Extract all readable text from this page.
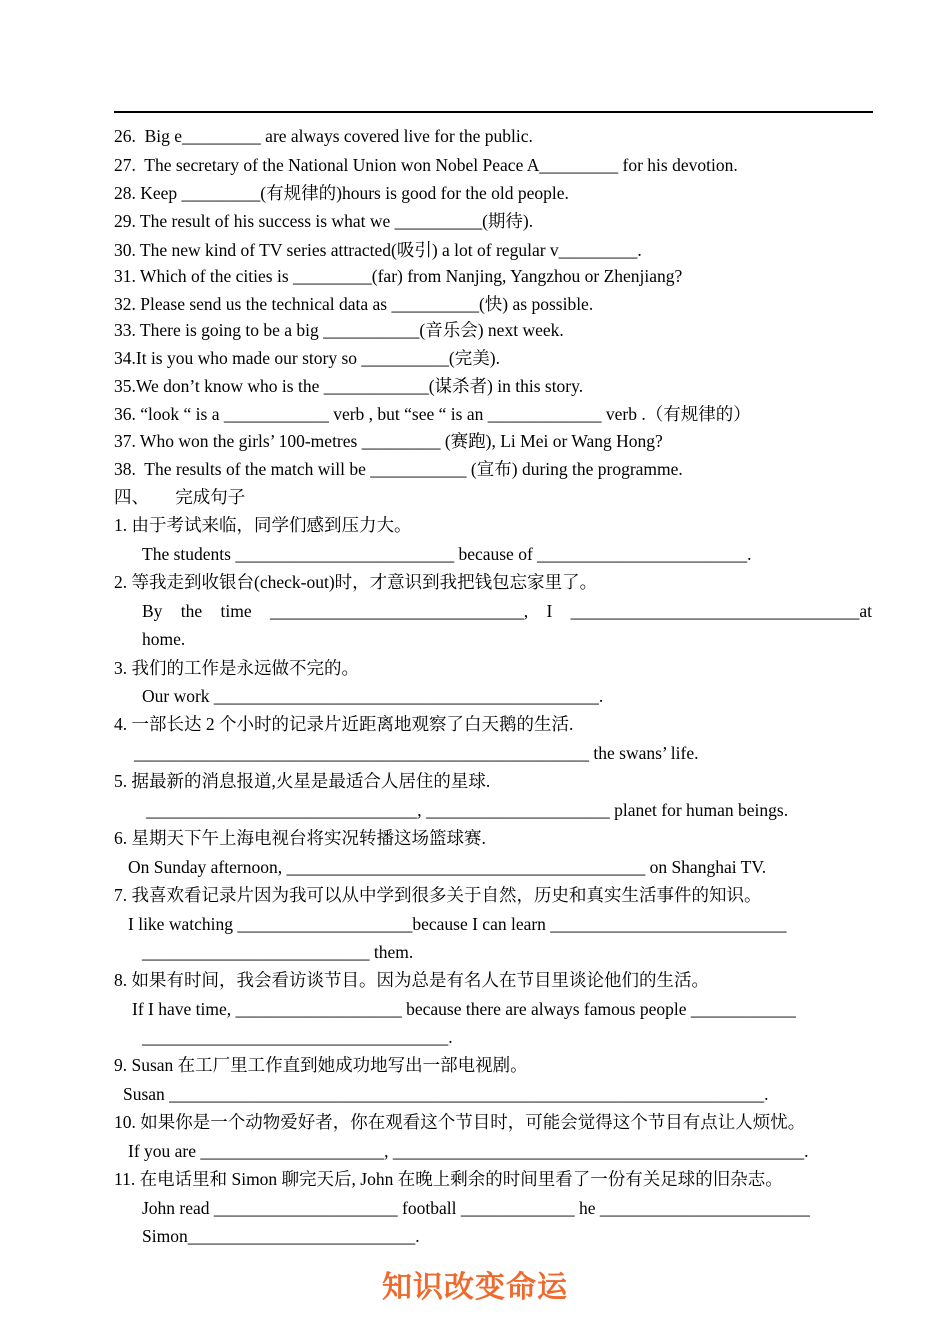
26.  Big e_________ are always covered live for the public.
27.  The secretary of the National Union won Nobel Peace A_________ for his devotion.
28. Keep _________(有规律的)hours is good for the old people.
29. The result of his success is what we __________(期待).
30. The new kind of TV series attracted(吸引) a lot of regular v_________.
31. Which of the cities is _________(far) from Nanjing, Yangzhou or Zhenjiang?
32. Please send us the technical data as __________(快) as possible.
33. There is going to be a big ___________(音乐会) next week.
34.It is you who made our story so __________(完美).
35.We don’t know who is the ____________(谋杀者) in this story.
36. “look “ is a ____________ verb , but “see “ is an _____________ verb .（有规律的）
37. Who won the girls’ 100-metres _________ (赛跑), Li Mei or Wang Hong?
38.  The results of the match will be ___________ (宣布) during the programme.
四、      完成句子
1. 由于考试来临，同学们感到压力大。
The students _________________________ because of ________________________.
2. 等我走到收银台(check-out)时，才意识到我把钱包忘家里了。
By the time _____________________________, I _________________________________at
home.
3. 我们的工作是永远做不完的。
Our work ____________________________________________.
4. 一部长达 2 个小时的记录片近距离地观察了白天鹅的生活.
____________________________________________________ the swans’ life.
5. 据最新的消息报道,火星是最适合人居住的星球.
_______________________________, _____________________ planet for human beings.
6. 星期天下午上海电视台将实况转播这场篮球赛.
On Sunday afternoon, _________________________________________ on Shanghai TV.
7. 我喜欢看记录片因为我可以从中学到很多关于自然，历史和真实生活事件的知识。
I like watching ____________________because I can learn ___________________________
__________________________ them.
8. 如果有时间，我会看访谈节目。因为总是有名人在节目里谈论他们的生活。
If I have time, ___________________ because there are always famous people ____________
___________________________________.
9. Susan 在工厂里工作直到她成功地写出一部电视剧。
Susan ____________________________________________________________________.
10. 如果你是一个动物爱好者，你在观看这个节目时，可能会觉得这个节目有点让人烦忧。
If you are _____________________, _______________________________________________.
11. 在电话里和 Simon 聊完天后, John 在晚上剩余的时间里看了一份有关足球的旧杂志。
John read _____________________ football _____________ he ________________________
Simon__________________________.
知识改变命运
